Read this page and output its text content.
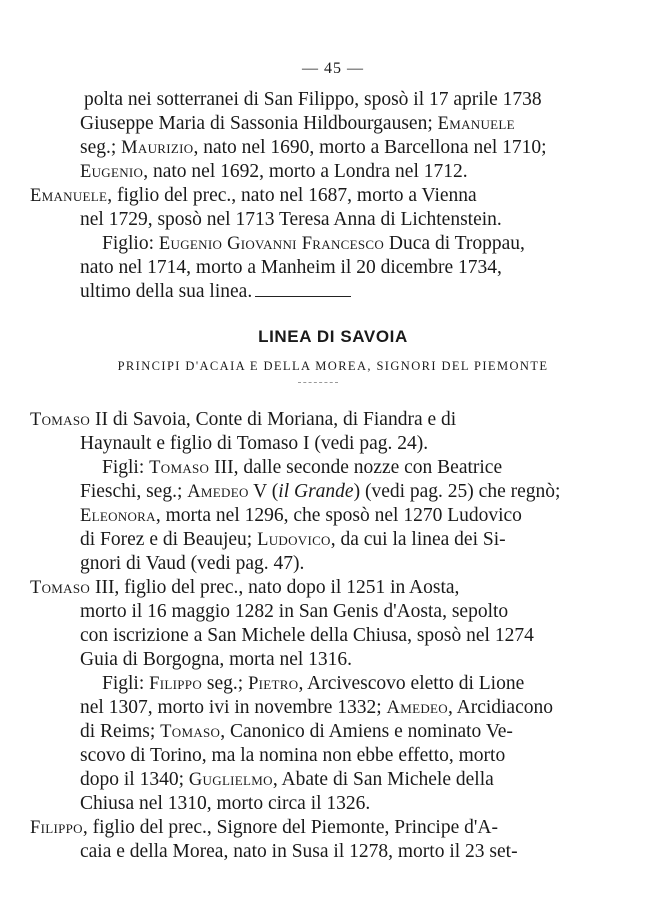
— 45 —
polta nei sotterranei di San Filippo, sposò il 17 aprile 1738
Giuseppe Maria di Sassonia Hildbourgausen; Emanuele
seg.; Maurizio, nato nel 1690, morto a Barcellona nel 1710;
Eugenio, nato nel 1692, morto a Londra nel 1712.
Emanuele, figlio del prec., nato nel 1687, morto a Vienna
nel 1729, sposò nel 1713 Teresa Anna di Lichtenstein.
Figlio: Eugenio Giovanni Francesco Duca di Troppau,
nato nel 1714, morto a Manheim il 20 dicembre 1734,
ultimo della sua linea.
LINEA DI SAVOIA
PRINCIPI D'ACAIA E DELLA MOREA, SIGNORI DEL PIEMONTE
Tomaso II di Savoia, Conte di Moriana, di Fiandra e di
Haynault e figlio di Tomaso I (vedi pag. 24).
Figli: Tomaso III, dalle seconde nozze con Beatrice
Fieschi, seg.; Amedeo V (il Grande) (vedi pag. 25) che regnò;
Eleonora, morta nel 1296, che sposò nel 1270 Ludovico
di Forez e di Beaujeu; Ludovico, da cui la linea dei Si-
gnori di Vaud (vedi pag. 47).
Tomaso III, figlio del prec., nato dopo il 1251 in Aosta,
morto il 16 maggio 1282 in San Genis d'Aosta, sepolto
con iscrizione a San Michele della Chiusa, sposò nel 1274
Guia di Borgogna, morta nel 1316.
Figli: Filippo seg.; Pietro, Arcivescovo eletto di Lione
nel 1307, morto ivi in novembre 1332; Amedeo, Arcidiacono
di Reims; Tomaso, Canonico di Amiens e nominato Ve-
scovo di Torino, ma la nomina non ebbe effetto, morto
dopo il 1340; Guglielmo, Abate di San Michele della
Chiusa nel 1310, morto circa il 1326.
Filippo, figlio del prec., Signore del Piemonte, Principe d'A-
caia e della Morea, nato in Susa il 1278, morto il 23 set-
